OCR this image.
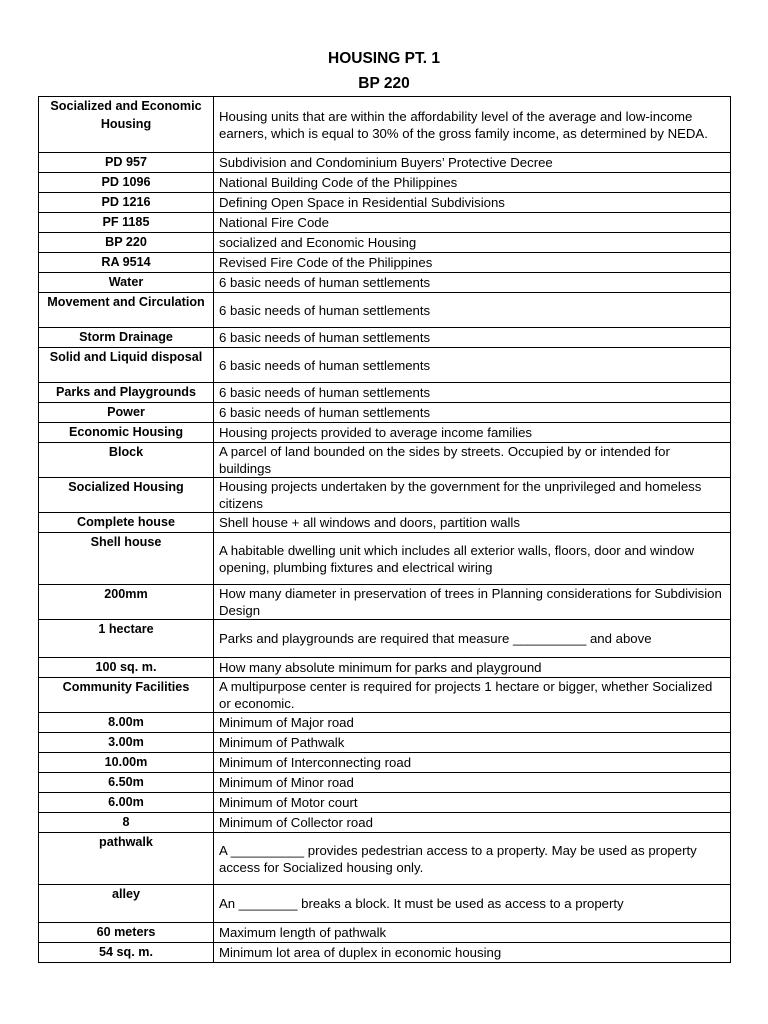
HOUSING PT. 1
BP 220
Socialized and Economic Housing	Housing units that are within the affordability level of the average and low-income earners, which is equal to 30% of the gross family income, as determined by NEDA.
PD 957	Subdivision and Condominium Buyers’ Protective Decree
PD 1096	National Building Code of the Philippines
PD 1216	Defining Open Space in Residential Subdivisions
PF 1185	National Fire Code
BP 220	socialized and Economic Housing
RA 9514	Revised Fire Code of the Philippines
Water	6 basic needs of human settlements
Movement and Circulation	6 basic needs of human settlements
Storm Drainage	6 basic needs of human settlements
Solid and Liquid disposal	6 basic needs of human settlements
Parks and Playgrounds	6 basic needs of human settlements
Power	6 basic needs of human settlements
Economic Housing	Housing projects provided to average income families
Block	A parcel of land bounded on the sides by streets. Occupied by or intended for buildings
Socialized Housing	Housing projects undertaken by the government for the unprivileged and homeless citizens
Complete house	Shell house + all windows and doors, partition walls
Shell house	A habitable dwelling unit which includes all exterior walls, floors, door and window opening, plumbing fixtures and electrical wiring
200mm	How many diameter in preservation of trees in Planning considerations for Subdivision Design
1 hectare	Parks and playgrounds are required that measure __________ and above
100 sq. m.	How many absolute minimum for parks and playground
Community Facilities	A multipurpose center is required for projects 1 hectare or bigger, whether Socialized or economic.
8.00m	Minimum of Major road
3.00m	Minimum of Pathwalk
10.00m	Minimum of Interconnecting road
6.50m	Minimum of Minor road
6.00m	Minimum of Motor court
8	Minimum of Collector road
pathwalk	A __________ provides pedestrian access to a property. May be used as property access for Socialized housing only.
alley	An ________ breaks a block. It must be used as access to a property
60 meters	Maximum length of pathwalk
54 sq. m.	Minimum lot area of duplex in economic housing
